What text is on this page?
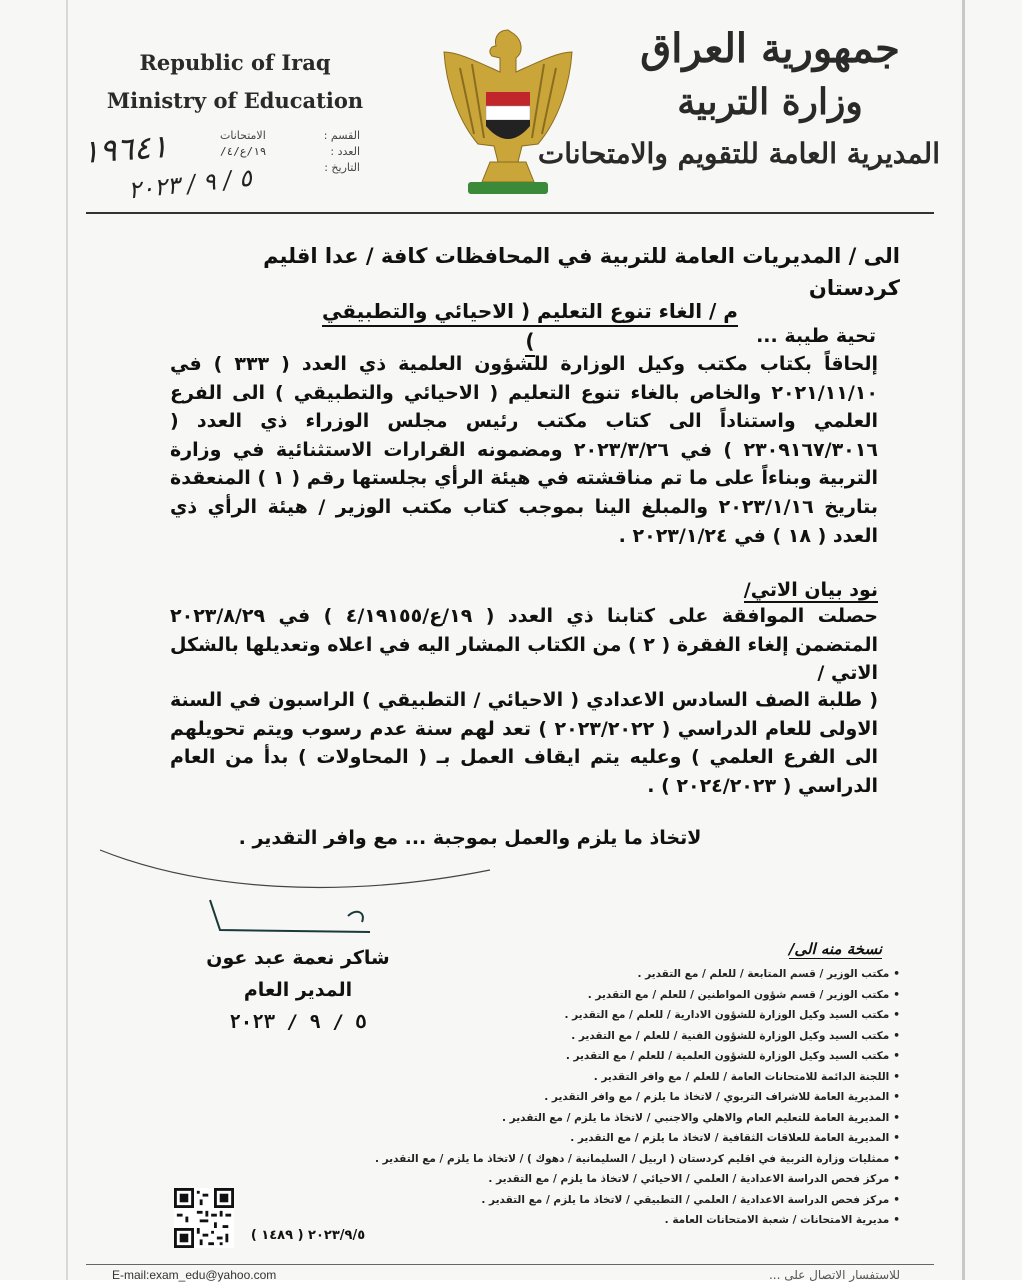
Republic of Iraq
Ministry of Education
القسم :
الامتحانات
العدد :
١٩/ع/٤/
التاريخ :
١٩٦٤١
٥ / ٩ / ٢٠٢٣
جمهورية العراق
وزارة التربية
المديرية العامة للتقويم والامتحانات
الى / المديريات العامة للتربية في المحافظات كافة / عدا اقليم كردستان
م / الغاء تنوع التعليم ( الاحيائي والتطبيقي )	تحية طيبة ...
إلحاقاً بكتاب مكتب وكيل الوزارة للشؤون العلمية ذي العدد ( ٣٣٣ ) في ٢٠٢١/١١/١٠ والخاص بالغاء تنوع التعليم ( الاحيائي والتطبيقي ) الى الفرع العلمي واستناداً الى كتاب مكتب رئيس مجلس الوزراء ذي العدد ( ٢٣٠٩١٦٧/٣٠١٦ ) في ٢٠٢٣/٣/٢٦ ومضمونه القرارات الاستثنائية في وزارة التربية وبناءاً على ما تم مناقشته في هيئة الرأي بجلستها رقم ( ١ ) المنعقدة بتاريخ ٢٠٢٣/١/١٦ والمبلغ الينا بموجب كتاب مكتب الوزير / هيئة الرأي ذي العدد ( ١٨ ) في ٢٠٢٣/١/٢٤ .
نود بيان الاتي/
حصلت الموافقة على كتابنا ذي العدد ( ١٩/ع/٤/١٩١٥٥ ) في ٢٠٢٣/٨/٢٩ المتضمن إلغاء الفقرة ( ٢ ) من الكتاب المشار اليه في اعلاه وتعديلها بالشكل الاتي /
( طلبة الصف السادس الاعدادي ( الاحيائي / التطبيقي ) الراسبون في السنة الاولى للعام الدراسي ( ٢٠٢٣/٢٠٢٢ ) تعد لهم سنة عدم رسوب ويتم تحويلهم الى الفرع العلمي ) وعليه يتم ايقاف العمل بـ ( المحاولات ) بدأ من العام الدراسي ( ٢٠٢٤/٢٠٢٣ ) .
لاتخاذ ما يلزم والعمل بموجبة ... مع وافر التقدير .
شاكر نعمة عبد عون
المدير العام
٥ / ٩ / ٢٠٢٣
نسخة منه الى/
• مكتب الوزير / قسم المتابعة / للعلم / مع التقدير .
• مكتب الوزير / قسم شؤون المواطنين / للعلم / مع التقدير .
• مكتب السيد وكيل الوزارة للشؤون الادارية / للعلم / مع التقدير .
• مكتب السيد وكيل الوزارة للشؤون الفنية / للعلم / مع التقدير .
• مكتب السيد وكيل الوزارة للشؤون العلمية / للعلم / مع التقدير .
• اللجنة الدائمة للامتحانات العامة / للعلم / مع وافر التقدير .
• المديرية العامة للاشراف التربوي / لاتخاذ ما يلزم / مع وافر التقدير .
• المديرية العامة للتعليم العام والاهلي والاجنبي / لاتخاذ ما يلزم / مع التقدير .
• المديرية العامة للعلاقات الثقافية / لاتخاذ ما يلزم / مع التقدير .
• ممثليات وزارة التربية في اقليم كردستان ( اربيل / السليمانية / دهوك ) / لاتخاذ ما يلزم / مع التقدير .
• مركز فحص الدراسة الاعدادية / العلمي / الاحيائي / لاتخاذ ما يلزم / مع التقدير .
• مركز فحص الدراسة الاعدادية / العلمي / التطبيقي / لاتخاذ ما يلزم / مع التقدير .
• مديرية الامتحانات / شعبة الامتحانات العامة .
٢٠٢٣/٩/٥ ( ١٤٨٩ )
E-mail:exam_edu@yahoo.com	للاستفسار الاتصال على ...
